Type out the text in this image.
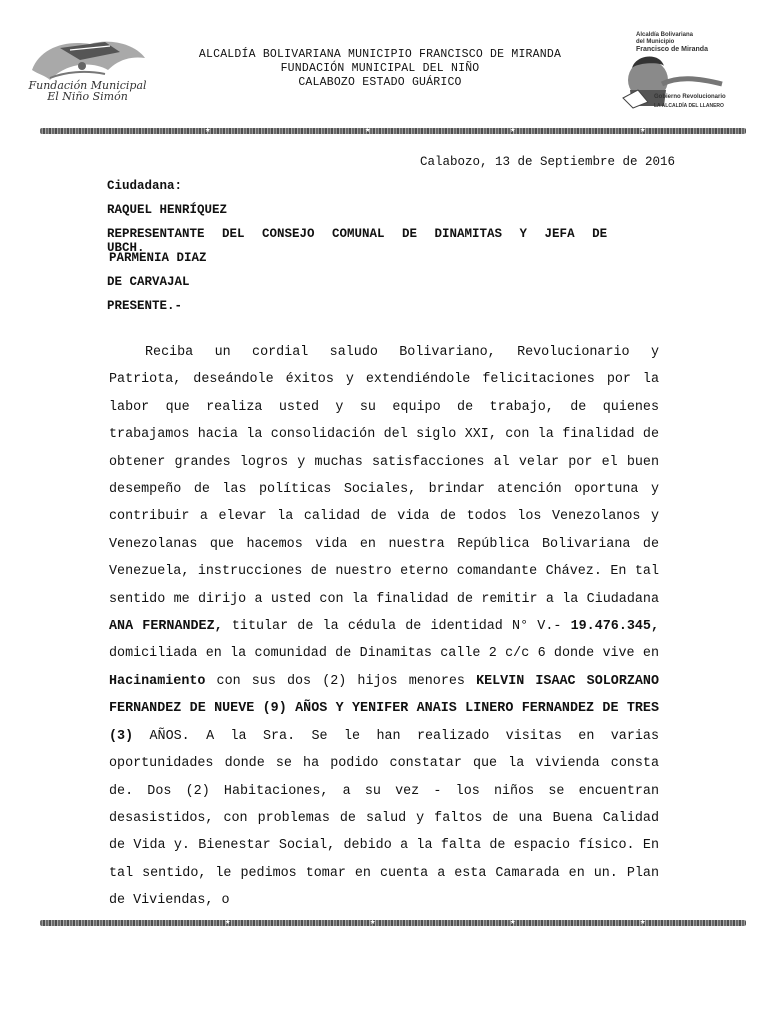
Fundación Municipal
El Niño Simón
ALCALDÍA BOLIVARIANA MUNICIPIO FRANCISCO DE MIRANDA
FUNDACIÓN MUNICIPAL DEL NIÑO
CALABOZO ESTADO GUÁRICO
Alcaldía Bolivariana
del Municipio
Francisco de Miranda
Gobierno Revolucionario
LA ALCALDÍA DEL LLANERO
★	★	★	★
Calabozo, 13 de Septiembre de 2016
Ciudadana:
RAQUEL HENRÍQUEZ
REPRESENTANTE DEL CONSEJO COMUNAL DE DINAMITAS Y JEFA DE UBCH.
PARMENIA DIAZ
DE CARVAJAL
PRESENTE.-

Reciba un cordial saludo Bolivariano, Revolucionario y Patriota, deseándole éxitos y extendiéndole felicitaciones por la labor que realiza usted y su equipo de trabajo, de quienes trabajamos hacia la consolidación del siglo XXI, con la finalidad de obtener grandes logros y muchas satisfacciones al velar por el buen desempeño de las políticas Sociales, brindar atención oportuna y contribuir a elevar la calidad de vida de todos los Venezolanos y Venezolanas que hacemos vida en nuestra República Bolivariana de Venezuela, instrucciones de nuestro eterno comandante Chávez. En tal sentido me dirijo a usted con la finalidad de remitir a la Ciudadana ANA FERNANDEZ, titular de la cédula de identidad N° V.- 19.476.345, domiciliada en la comunidad de Dinamitas calle 2 c/c 6 donde vive en Hacinamiento con sus dos (2) hijos menores KELVIN ISAAC SOLORZANO FERNANDEZ DE NUEVE (9) AÑOS Y YENIFER ANAIS LINERO FERNANDEZ DE TRES (3) AÑOS. A la Sra. Se le han realizado visitas en varias oportunidades donde se ha podido constatar que la vivienda consta de. Dos (2) Habitaciones, a su vez - los niños se encuentran desasistidos, con problemas de salud y faltos de una Buena Calidad de Vida y. Bienestar Social, debido a la falta de espacio físico. En tal sentido, le pedimos tomar en cuenta a esta Camarada en un. Plan de Viviendas, o

★	★	★	★
